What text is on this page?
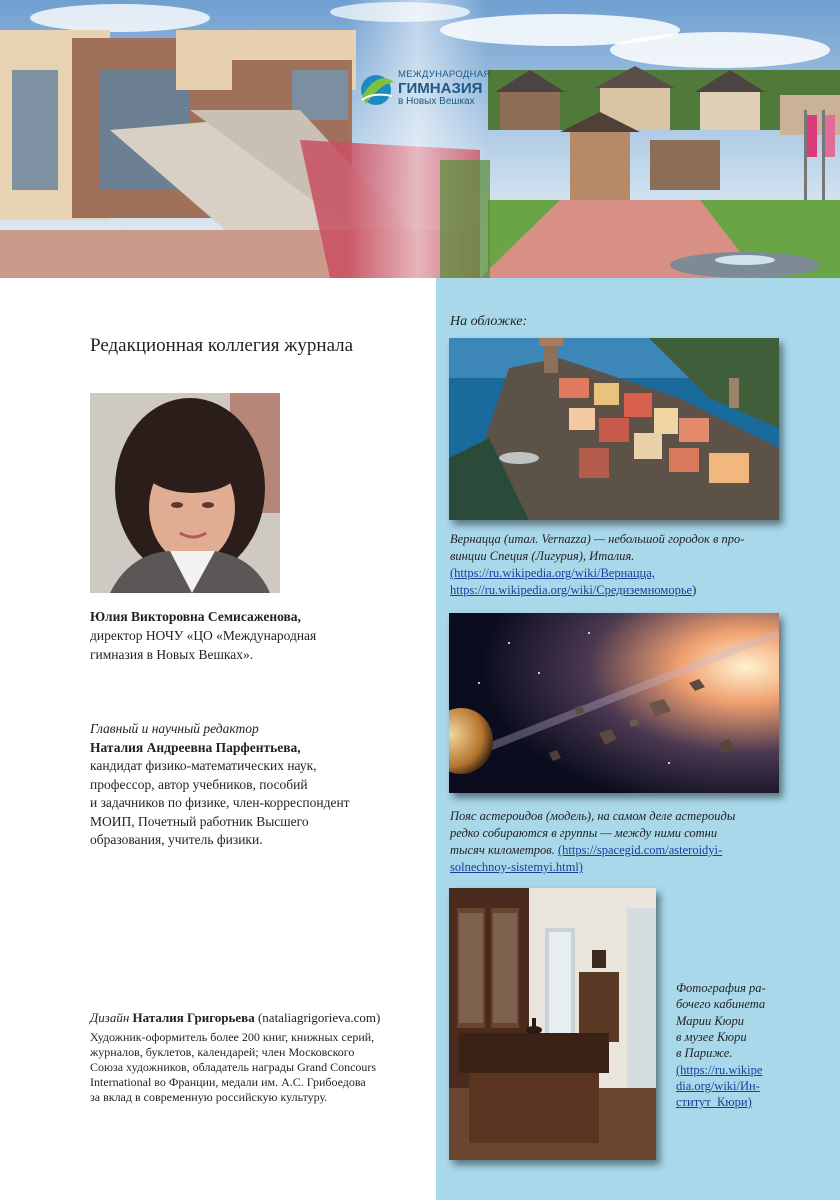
МЕЖДУНАРОДНАЯ
ГИМНАЗИЯ
в Новых Вешках
Редакционная коллегия журнала
Юлия Викторовна Семисаженова,
директор НОЧУ «ЦО «Международная
гимназия в Новых Вешках».
Главный и научный редактор
Наталия Андреевна Парфентьева,
кандидат физико-математических наук,
профессор, автор учебников, пособий
и задачников по физике, член-корреспондент
МОИП, Почетный работник Высшего
образования, учитель физики.
Дизайн Наталия Григорьева (nataliagrigorieva.com)
Художник-оформитель более 200 книг, книжных серий,
журналов, буклетов, календарей; член Московского
Союза художников, обладатель награды Grand Concours
International во Франции, медали им. А.С. Грибоедова
за вклад в современную российскую культуру.
На обложке:
Вернацца (итал. Vernazza) — небольшой городок в про-
винции Специя (Лигурия), Италия.
(https://ru.wikipedia.org/wiki/Вернацца,
https://ru.wikipedia.org/wiki/Средиземноморье)
Пояс астероидов (модель), на самом деле астероиды
редко собираются в группы — между ними сотни
тысяч километров. (https://spacegid.com/asteroidyi-
solnechnoy-sistemyi.html)
Фотография ра-
бочего кабинета
Марии Кюри
в музее Кюри
в Париже.
(https://ru.wikipe
dia.org/wiki/Ин-
ститут_Кюри)
